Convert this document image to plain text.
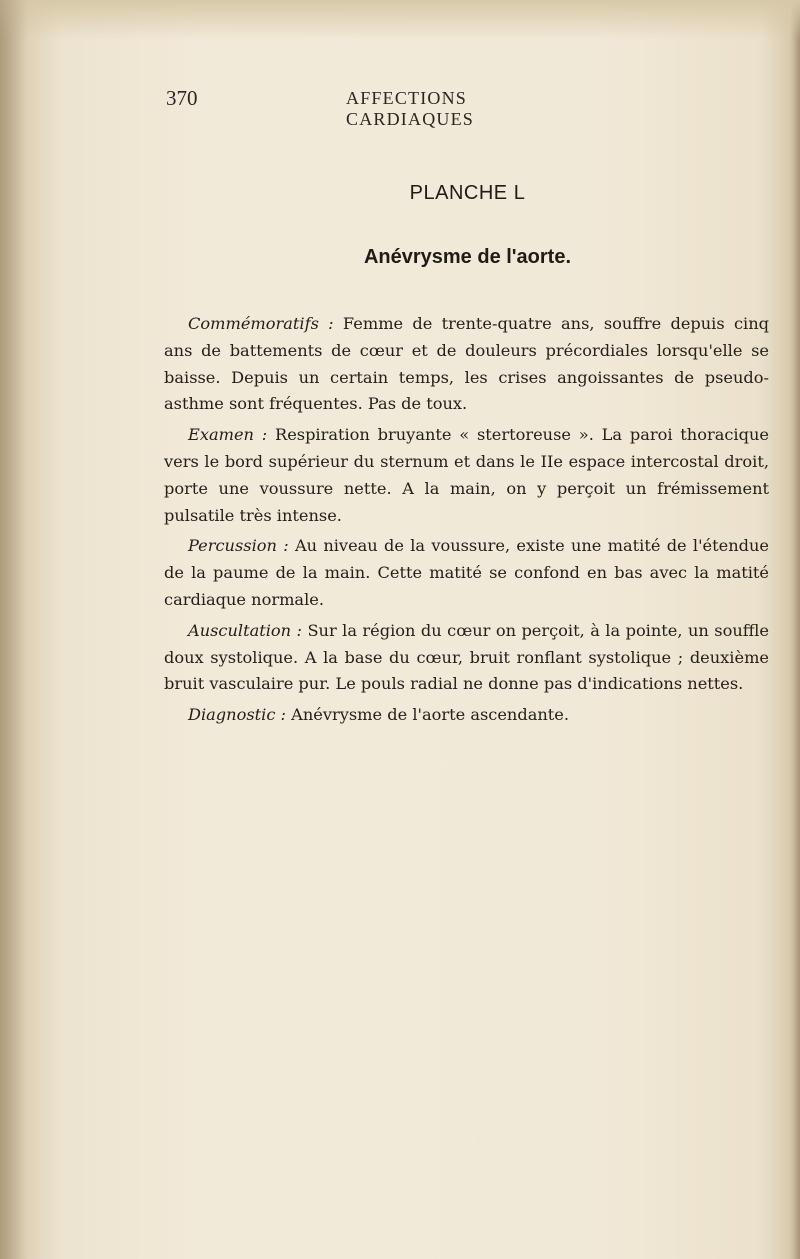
370	AFFECTIONS CARDIAQUES
PLANCHE L
Anévrysme de l'aorte.

Commémoratifs : Femme de trente-quatre ans, souffre depuis cinq ans de battements de cœur et de douleurs précordiales lorsqu'elle se baisse. Depuis un certain temps, les crises angoissantes de pseudo-asthme sont fréquentes. Pas de toux.

Examen : Respiration bruyante « stertoreuse ». La paroi thoracique vers le bord supérieur du sternum et dans le IIe espace intercostal droit, porte une voussure nette. A la main, on y perçoit un frémissement pulsatile très intense.

Percussion : Au niveau de la voussure, existe une matité de l'étendue de la paume de la main. Cette matité se confond en bas avec la matité cardiaque normale.

Auscultation : Sur la région du cœur on perçoit, à la pointe, un souffle doux systolique. A la base du cœur, bruit ronflant systolique ; deuxième bruit vasculaire pur. Le pouls radial ne donne pas d'indications nettes.

Diagnostic : Anévrysme de l'aorte ascendante.
